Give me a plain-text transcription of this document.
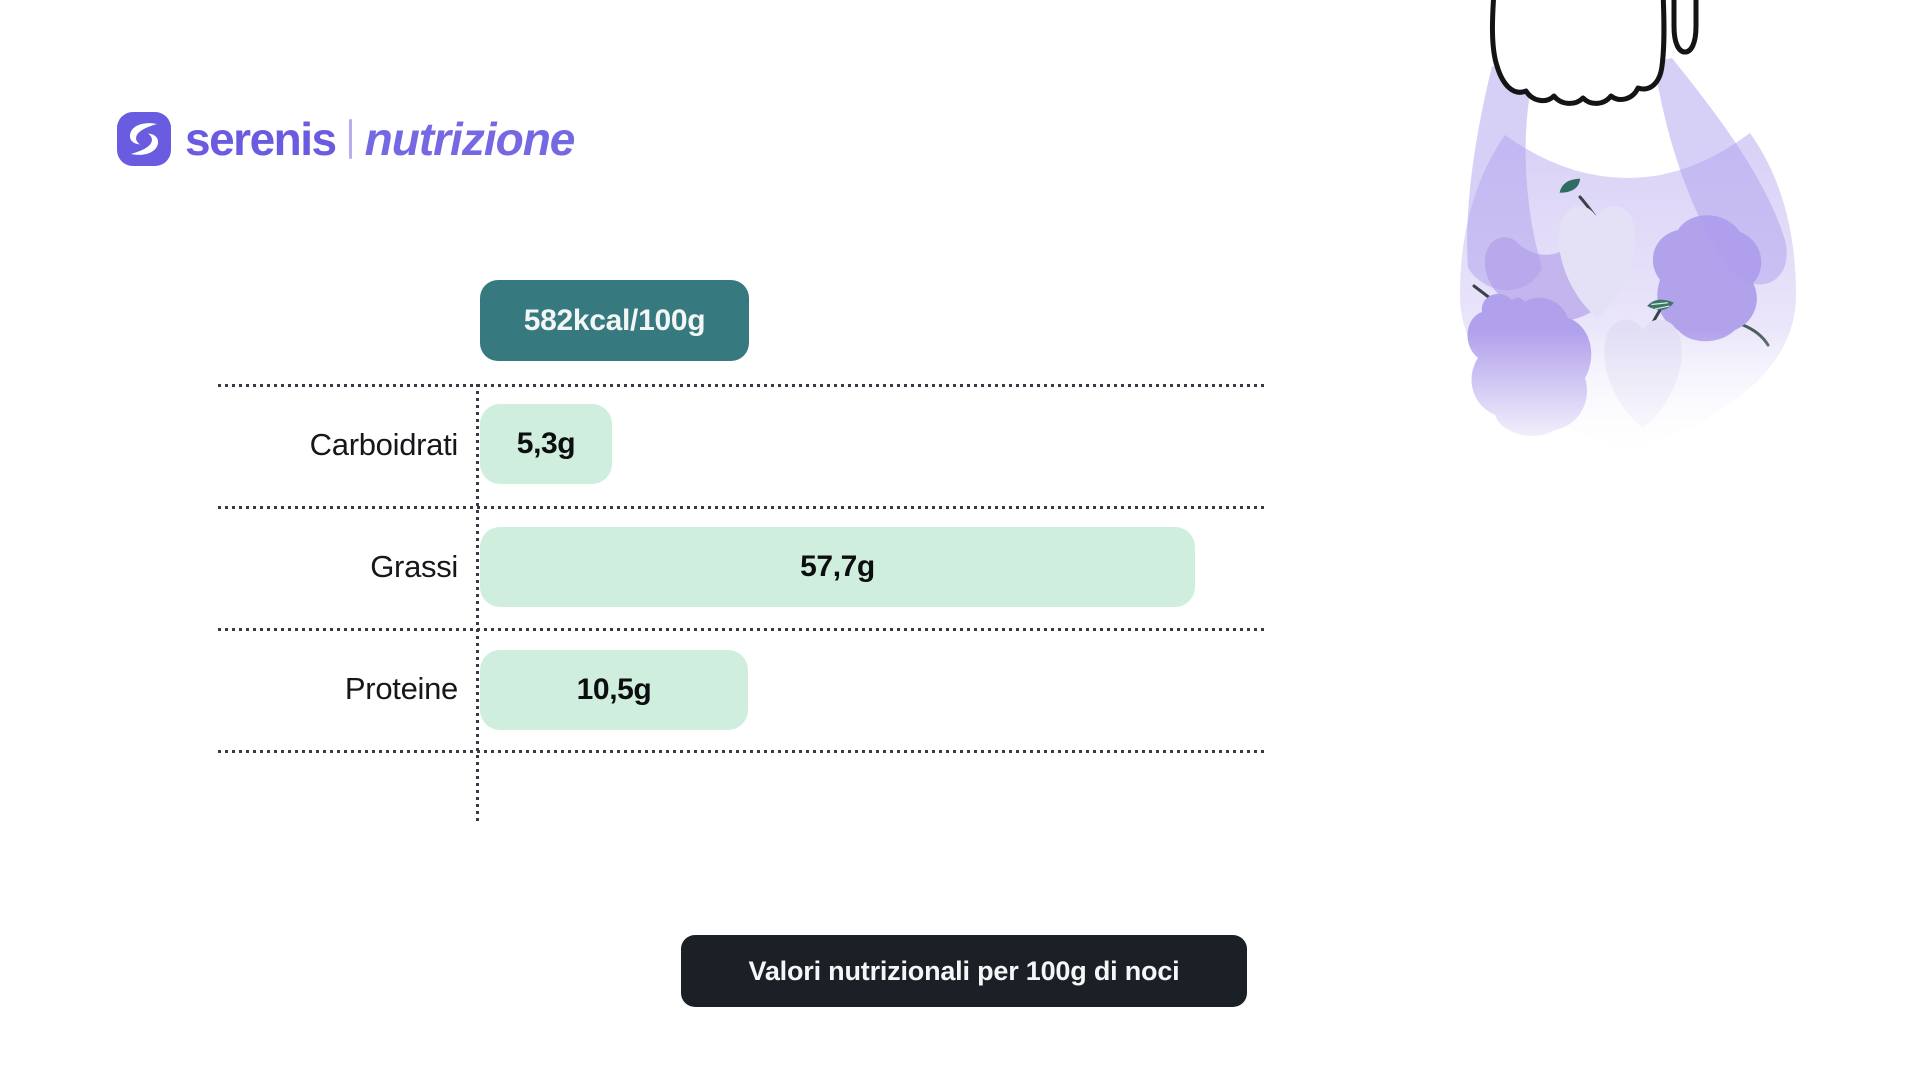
serenis nutrizione
582kcal/100g
Carboidrati
Grassi
Proteine
5,3g
57,7g
10,5g
Valori nutrizionali per 100g di noci
